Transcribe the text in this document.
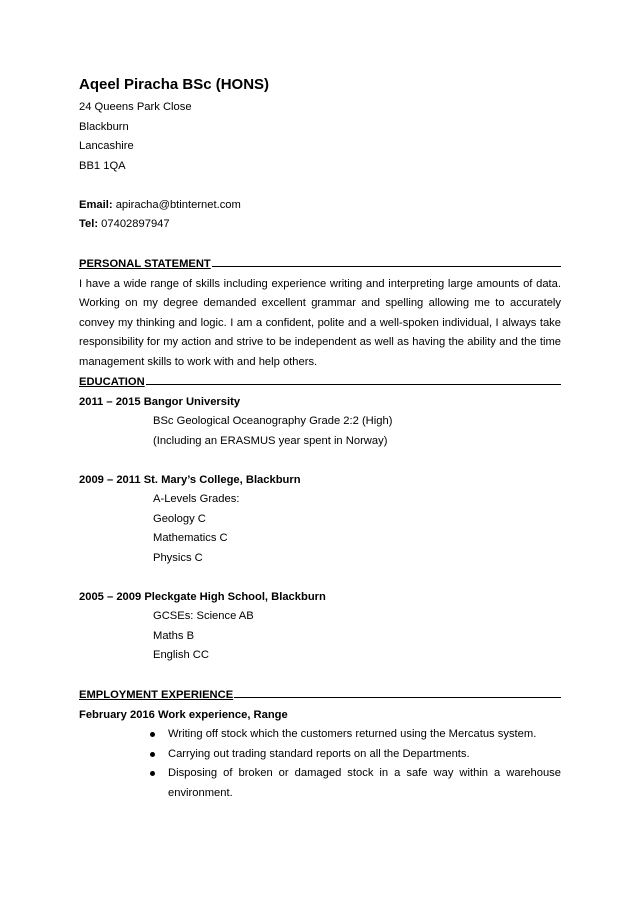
Aqeel Piracha BSc (HONS)
24 Queens Park Close
Blackburn
Lancashire
BB1 1QA
Email: apiracha@btinternet.com
Tel: 07402897947
PERSONAL STATEMENT
I have a wide range of skills including experience writing and interpreting large amounts of data. Working on my degree demanded excellent grammar and spelling allowing me to accurately convey my thinking and logic. I am a confident, polite and a well-spoken individual, I always take responsibility for my action and strive to be independent as well as having the ability and the time management skills to work with and help others.
EDUCATION
2011 – 2015 Bangor University
BSc Geological Oceanography Grade 2:2 (High)
(Including an ERASMUS year spent in Norway)
2009 – 2011 St. Mary’s College, Blackburn
A-Levels Grades:
Geology C
Mathematics C
Physics C
2005 – 2009 Pleckgate High School, Blackburn
GCSEs: Science AB
Maths B
English CC
EMPLOYMENT EXPERIENCE
February 2016 Work experience, Range
Writing off stock which the customers returned using the Mercatus system.
Carrying out trading standard reports on all the Departments.
Disposing of broken or damaged stock in a safe way within a warehouse environment.
